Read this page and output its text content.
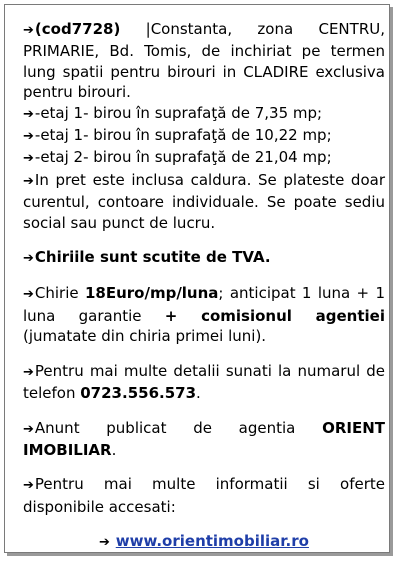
➔(cod7728) |Constanta, zona CENTRU, PRIMARIE, Bd. Tomis, de inchiriat pe termen lung spatii pentru birouri in CLADIRE exclusiva pentru birouri.

➔-etaj 1- birou în suprafaţă de 7,35 mp;

➔-etaj 1- birou în suprafaţă de 10,22 mp;

➔-etaj 2- birou în suprafaţă de 21,04 mp;

➔In pret este inclusa caldura. Se plateste doar curentul, contoare individuale. Se poate sediu social sau punct de lucru.

➔Chiriile sunt scutite de TVA.

➔Chirie 18Euro/mp/luna; anticipat 1 luna + 1 luna garantie + comisionul agentiei (jumatate din chiria primei luni).

➔Pentru mai multe detalii sunati la numarul de telefon 0723.556.573.

➔Anunt publicat de agentia ORIENT IMOBILIAR.

➔Pentru mai multe informatii si oferte disponibile accesati:

➔ www.orientimobiliar.ro
